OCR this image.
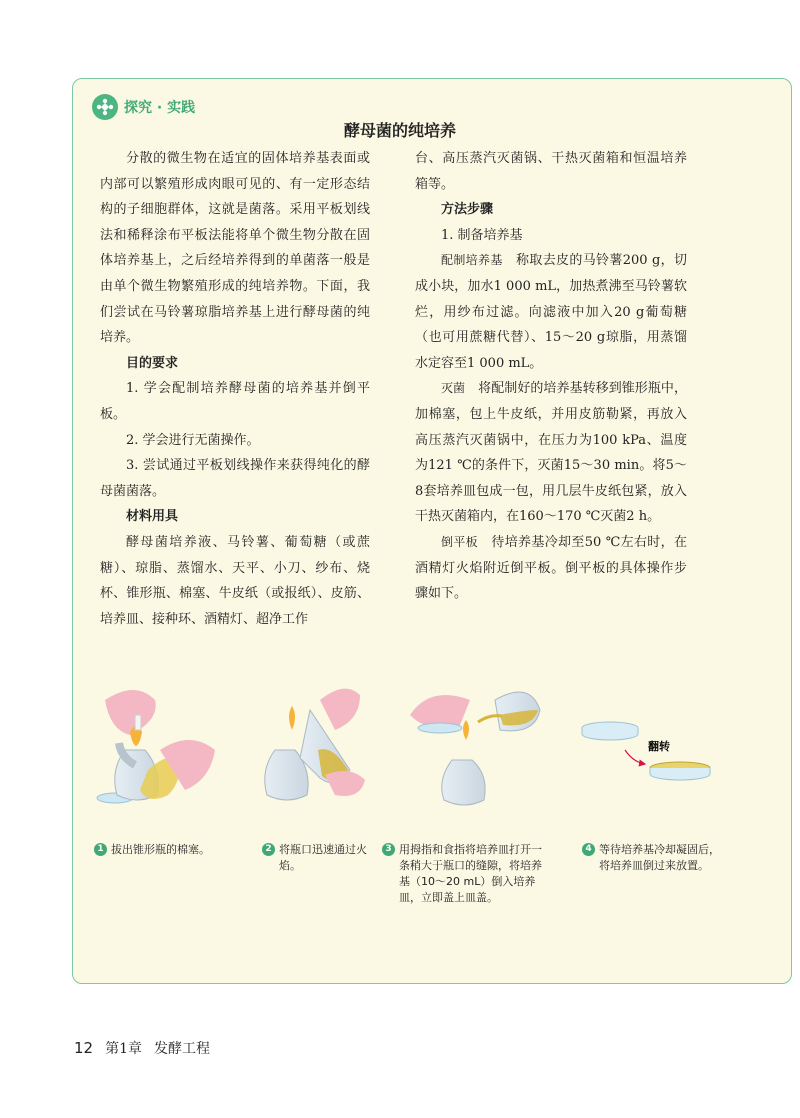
探究 · 实践
酵母菌的纯培养

分散的微生物在适宜的固体培养基表面或内部可以繁殖形成肉眼可见的、有一定形态结构的子细胞群体，这就是菌落。采用平板划线法和稀释涂布平板法能将单个微生物分散在固体培养基上，之后经培养得到的单菌落一般是由单个微生物繁殖形成的纯培养物。下面，我们尝试在马铃薯琼脂培养基上进行酵母菌的纯培养。

目的要求

1. 学会配制培养酵母菌的培养基并倒平板。

2. 学会进行无菌操作。

3. 尝试通过平板划线操作来获得纯化的酵母菌菌落。

材料用具

酵母菌培养液、马铃薯、葡萄糖（或蔗糖）、琼脂、蒸馏水、天平、小刀、纱布、烧杯、锥形瓶、棉塞、牛皮纸（或报纸）、皮筋、培养皿、接种环、酒精灯、超净工作

台、高压蒸汽灭菌锅、干热灭菌箱和恒温培养箱等。

方法步骤

1. 制备培养基

配制培养基　 称取去皮的马铃薯200 g，切成小块，加水1 000 mL，加热煮沸至马铃薯软烂，用纱布过滤。向滤液中加入20 g葡萄糖（也可用蔗糖代替）、15～20 g琼脂，用蒸馏水定容至1 000 mL。

灭菌　 将配制好的培养基转移到锥形瓶中，加棉塞，包上牛皮纸，并用皮筋勒紧，再放入高压蒸汽灭菌锅中，在压力为100 kPa、温度为121 ℃的条件下，灭菌15～30 min。将5～8套培养皿包成一包，用几层牛皮纸包紧，放入干热灭菌箱内，在160～170 ℃灭菌2 h。

倒平板　 待培养基冷却至50 ℃左右时，在酒精灯火焰附近倒平板。倒平板的具体操作步骤如下。

翻转
1 拔出锥形瓶的棉塞。	2 将瓶口迅速通过火焰。
3 用拇指和食指将培养皿打开一条稍大于瓶口的缝隙，将培养基（10～20 mL）倒入培养皿，立即盖上皿盖。
4 等待培养基冷却凝固后，将培养皿倒过来放置。
12 第1章 发酵工程
